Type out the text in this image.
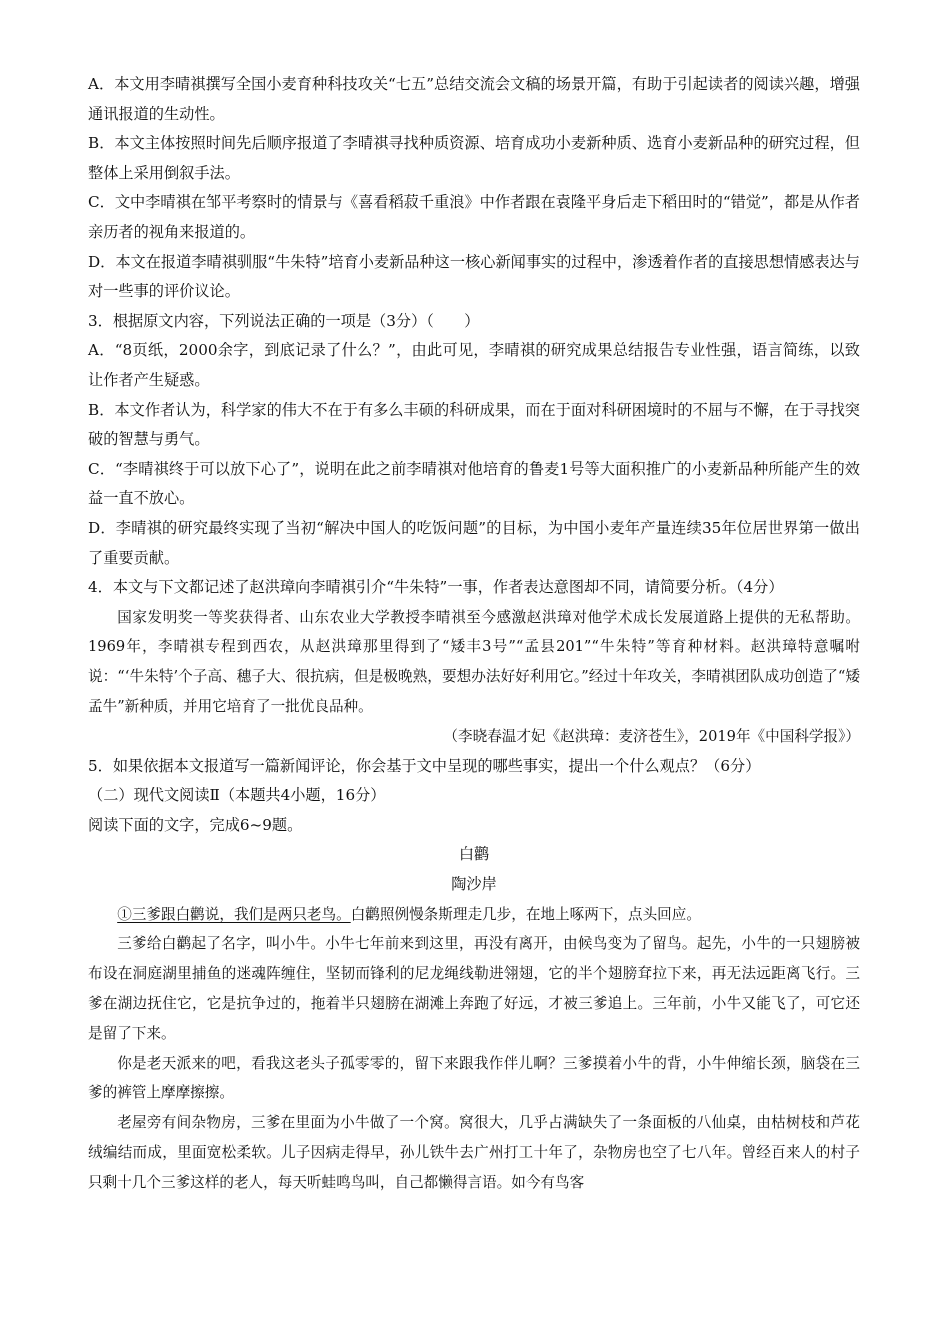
A．本文用李晴祺撰写全国小麦育种科技攻关“七五”总结交流会文稿的场景开篇，有助于引起读者的阅读兴趣，增强通讯报道的生动性。

B．本文主体按照时间先后顺序报道了李晴祺寻找种质资源、培育成功小麦新种质、选育小麦新品种的研究过程，但整体上采用倒叙手法。

C．文中李晴祺在邹平考察时的情景与《喜看稻菽千重浪》中作者跟在袁隆平身后走下稻田时的“错觉”，都是从作者亲历者的视角来报道的。

D．本文在报道李晴祺驯服“牛朱特”培育小麦新品种这一核心新闻事实的过程中，渗透着作者的直接思想情感表达与对一些事的评价议论。

3．根据原文内容，下列说法正确的一项是（3分）（　　）

A．“8页纸，2000余字，到底记录了什么？”，由此可见，李晴祺的研究成果总结报告专业性强，语言简练，以致让作者产生疑惑。

B．本文作者认为，科学家的伟大不在于有多么丰硕的科研成果，而在于面对科研困境时的不屈与不懈，在于寻找突破的智慧与勇气。

C．“李晴祺终于可以放下心了”，说明在此之前李晴祺对他培育的鲁麦1号等大面积推广的小麦新品种所能产生的效益一直不放心。

D．李晴祺的研究最终实现了当初“解决中国人的吃饭问题”的目标，为中国小麦年产量连续35年位居世界第一做出了重要贡献。

4．本文与下文都记述了赵洪璋向李晴祺引介“牛朱特”一事，作者表达意图却不同，请简要分析。（4分）

国家发明奖一等奖获得者、山东农业大学教授李晴祺至今感激赵洪璋对他学术成长发展道路上提供的无私帮助。1969年，李晴祺专程到西农，从赵洪璋那里得到了“矮丰3号”“孟县201”“牛朱特”等育种材料。赵洪璋特意嘱咐说：“‘牛朱特’个子高、穗子大、很抗病，但是极晚熟，要想办法好好利用它。”经过十年攻关，李晴祺团队成功创造了“矮孟牛”新种质，并用它培育了一批优良品种。

（李晓春温才妃《赵洪璋：麦济苍生》，2019年《中国科学报》）

5．如果依据本文报道写一篇新闻评论，你会基于文中呈现的哪些事实，提出一个什么观点？（6分）

（二）现代文阅读Ⅱ（本题共4小题，16分）

阅读下面的文字，完成6~9题。

白鹳

陶沙岸

①三爹跟白鹳说，我们是两只老鸟。白鹳照例慢条斯理走几步，在地上啄两下，点头回应。

三爹给白鹳起了名字，叫小牛。小牛七年前来到这里，再没有离开，由候鸟变为了留鸟。起先，小牛的一只翅膀被布设在洞庭湖里捕鱼的迷魂阵缠住，坚韧而锋利的尼龙绳线勒进翎翅，它的半个翅膀耷拉下来，再无法远距离飞行。三爹在湖边抚住它，它是抗争过的，拖着半只翅膀在湖滩上奔跑了好远，才被三爹追上。三年前，小牛又能飞了，可它还是留了下来。

你是老天派来的吧，看我这老头子孤零零的，留下来跟我作伴儿啊？三爹摸着小牛的背，小牛伸缩长颈，脑袋在三爹的裤管上摩摩擦擦。

老屋旁有间杂物房，三爹在里面为小牛做了一个窝。窝很大，几乎占满缺失了一条面板的八仙桌，由枯树枝和芦花绒编结而成，里面宽松柔软。儿子因病走得早，孙儿铁牛去广州打工十年了，杂物房也空了七八年。曾经百来人的村子只剩十几个三爹这样的老人，每天听蛙鸣鸟叫，自己都懒得言语。如今有鸟客
